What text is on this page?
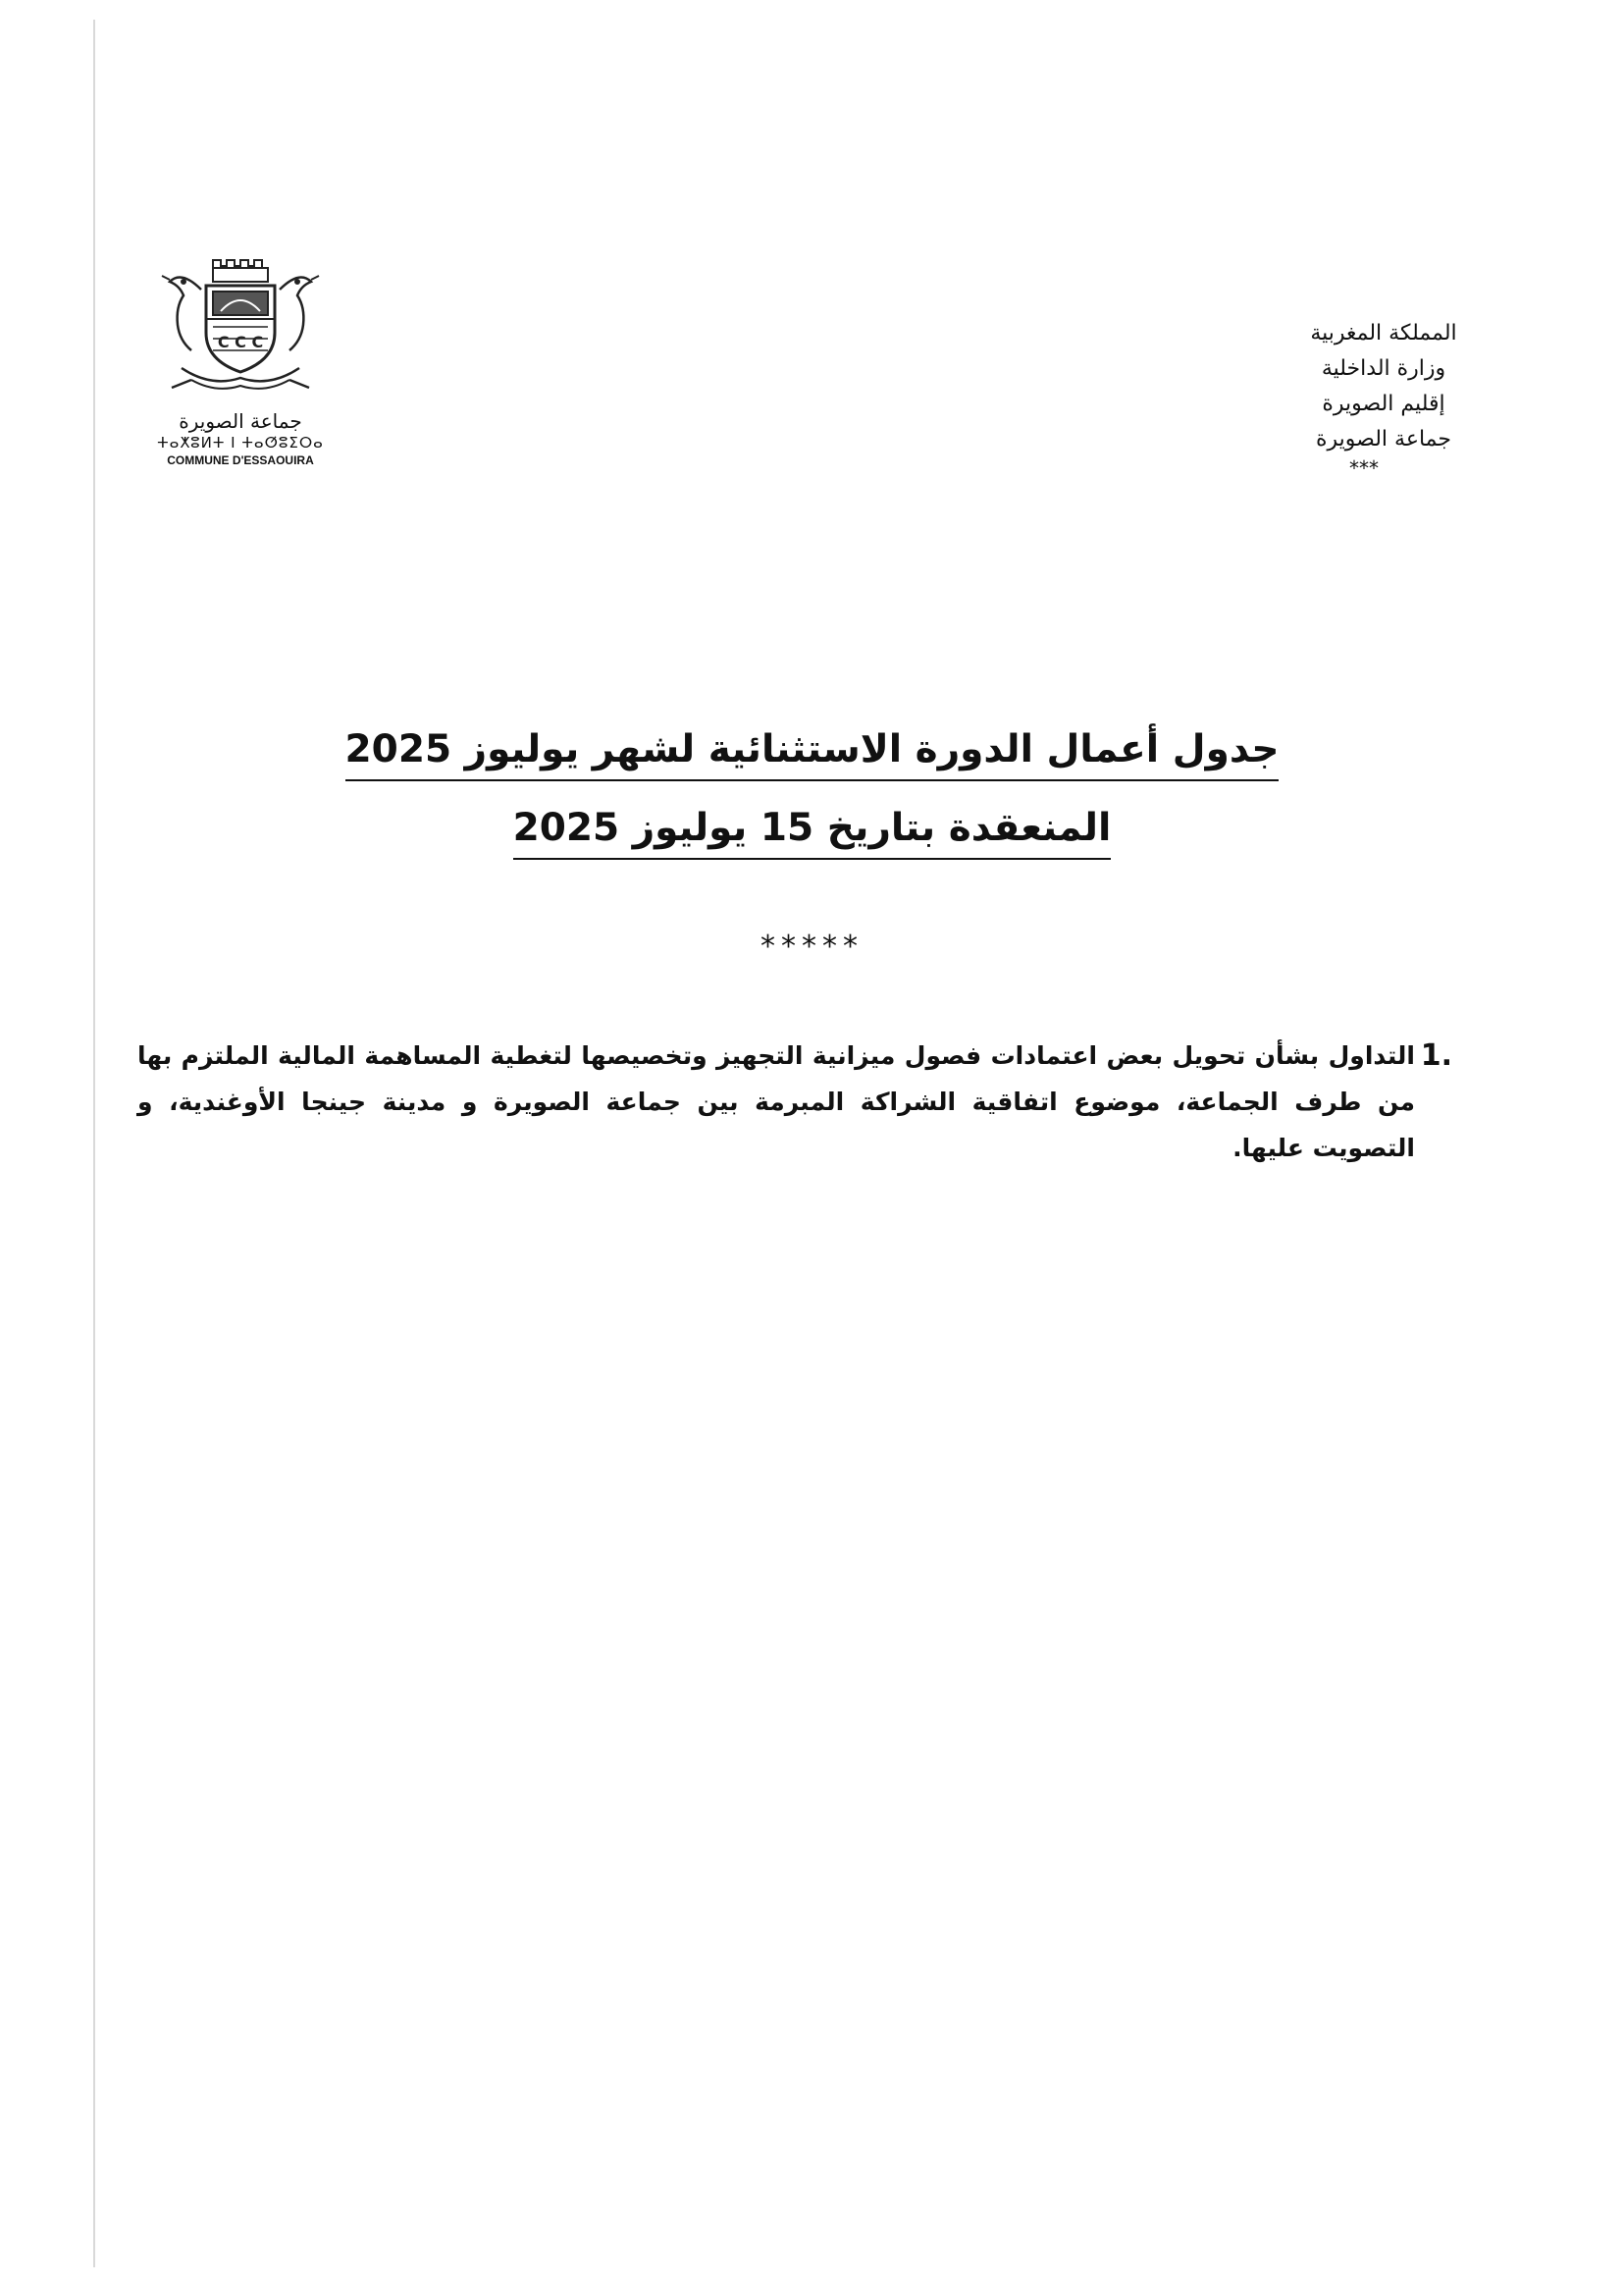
C C C
جماعة الصويرة
ⵜⴰⵅⵓⵍⵜ ⵏ ⵜⴰⵚⵓⵉⵔⴰ
COMMUNE D'ESSAOUIRA
المملكة المغربية
وزارة الداخلية
إقليم الصويرة
جماعة الصويرة
***
جدول أعمال الدورة الاستثنائية لشهر يوليوز 2025
المنعقدة بتاريخ 15 يوليوز 2025
*****
1.
التداول بشأن تحويل بعض اعتمادات فصول ميزانية التجهيز وتخصيصها لتغطية المساهمة المالية الملتزم بها من طرف الجماعة، موضوع اتفاقية الشراكة المبرمة بين جماعة الصويرة و مدينة جينجا الأوغندية، و التصويت عليها.
